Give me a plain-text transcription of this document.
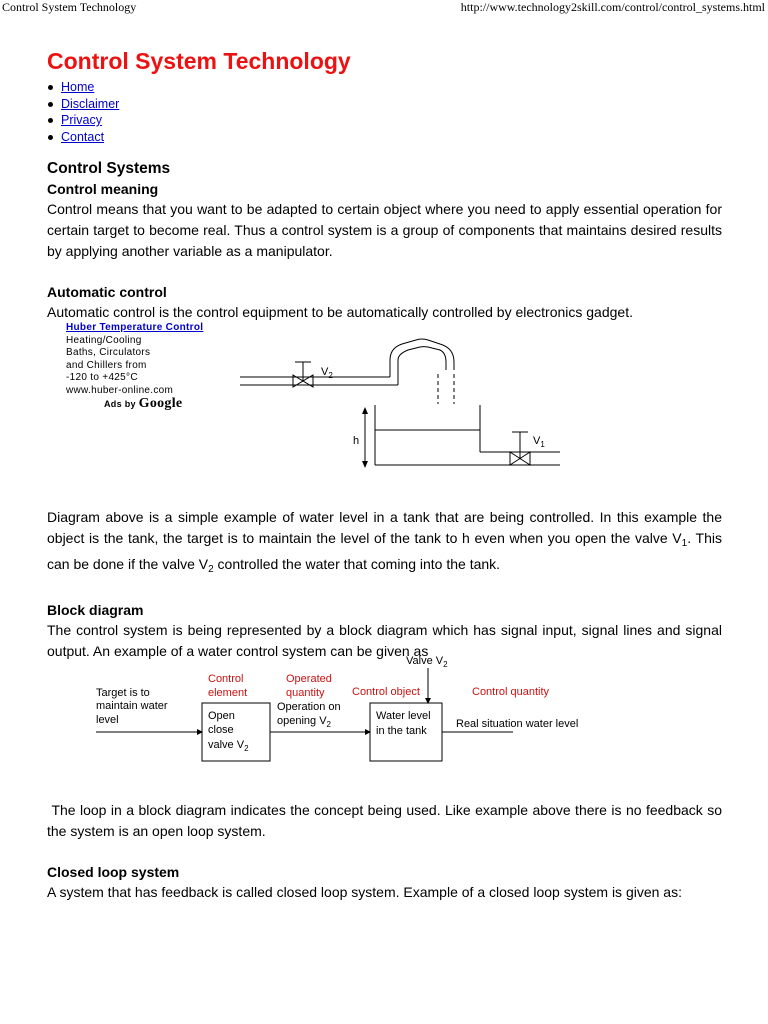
Control System Technology	http://www.technology2skill.com/control/control_systems.html
Control System Technology
Home
Disclaimer
Privacy
Contact
Control Systems
Control meaning

Control means that you want to be adapted to certain object where you need to apply essential operation for certain target to become real. Thus a control system is a group of components that maintains desired results by applying another variable as a manipulator.

Automatic control

Automatic control is the control equipment to be automatically controlled by electronics gadget.

Diagram above is a simple example of water level in a tank that are being controlled. In this example the object is the tank, the target is to maintain the level of the tank to h even when you open the valve $V_1$. This can be done if the valve $V_2$ controlled the water that coming into the tank.

Block diagram

The control system is being represented by a block diagram which has signal input, signal lines and signal output. An example of a water control system can be given as

The loop in a block diagram indicates the concept being used. Like example above there is no feedback so the system is an open loop system.

Closed loop system

A system that has feedback is called closed loop system. Example of a closed loop system is given as:

Huber Temperature Control
Heating/Cooling
Baths, Circulators
and Chillers from
-120 to +425°C
www.huber-online.com
Ads by Google
$V_2$
$V_1$
h
Valve $V_2$
Target is to
maintain water
level	Open
close
valve $V_2$
Operation on
opening $V_2$
Water level
in the tank
Real situation water level
Control
element
Operated
quantity Control object	Control quantity
